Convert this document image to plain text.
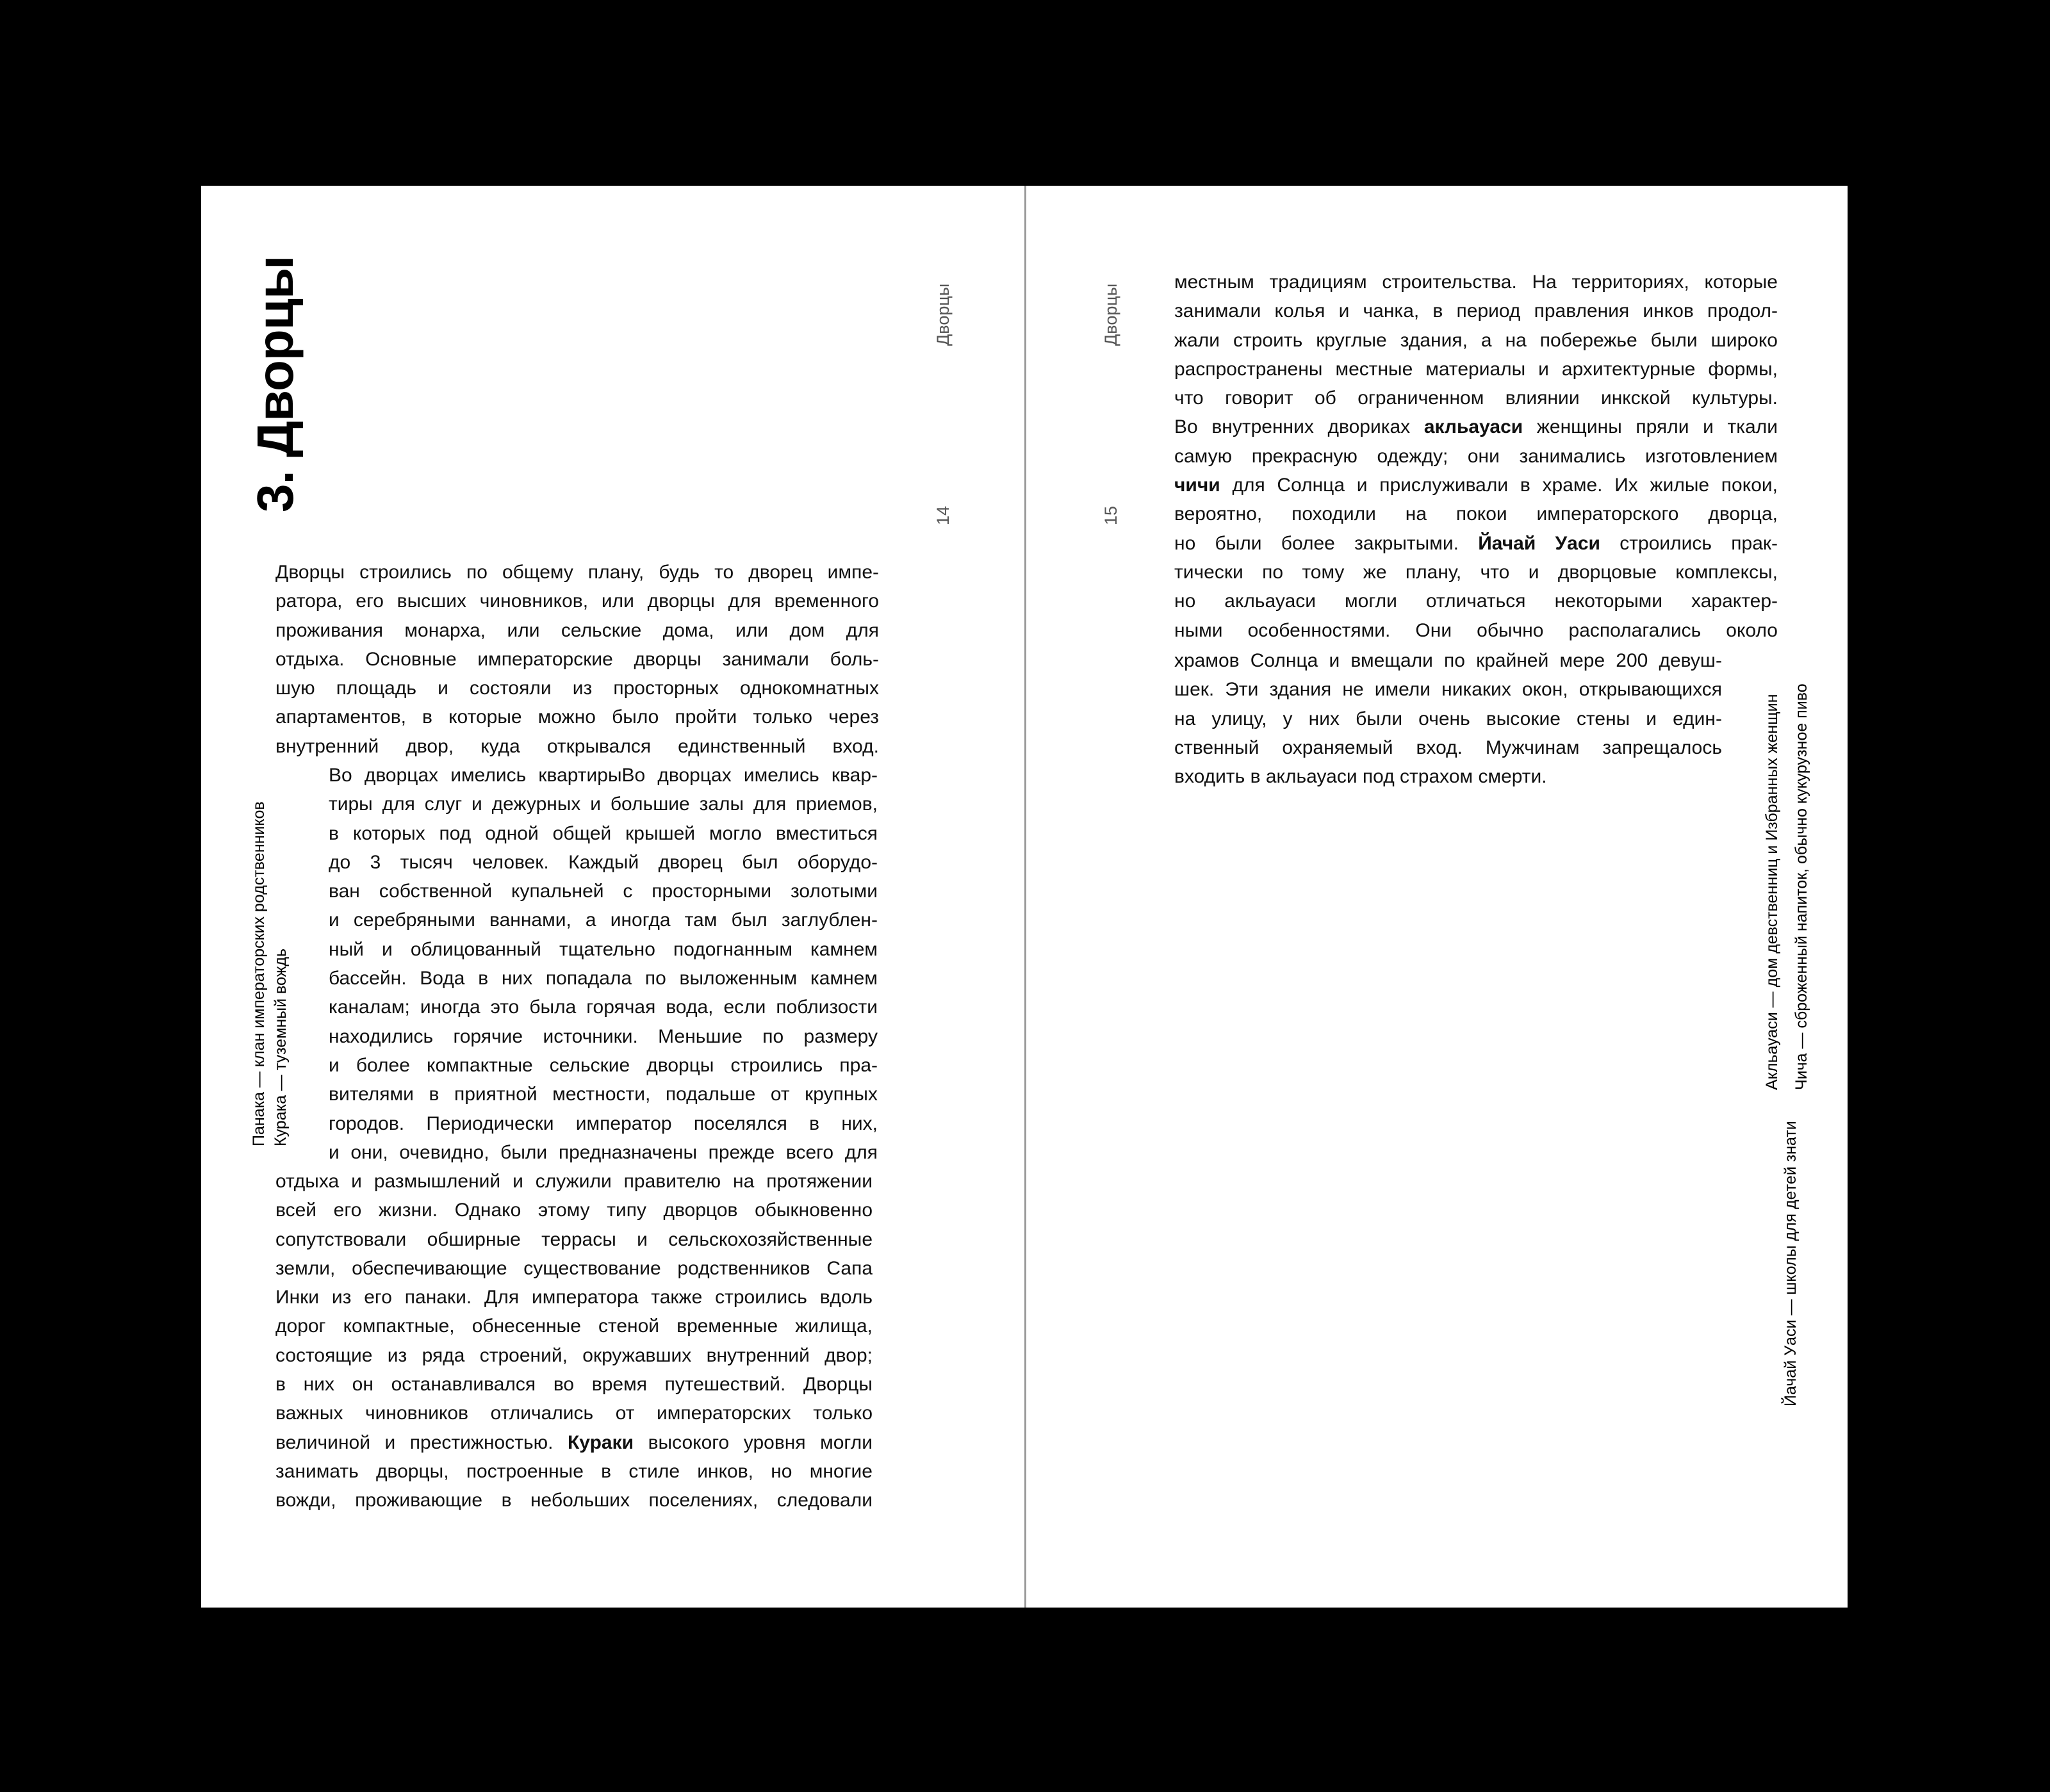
3. Дворцы	Дворцы
14
Панака — клан императорских родственников Курака — туземный вождь
Дворцы строились по общему плану, будь то дворец импе-
ратора, его высших чиновников, или дворцы для временного
проживания монарха, или сельские дома, или дом для
отдыха. Основные императорские дворцы занимали боль-
шую площадь и состояли из просторных однокомнатных
апартаментов, в которые можно было пройти только через
внутренний двор, куда открывался единственный вход.
Во дворцах имелись квартирыВо дворцах имелись квар-
тиры для слуг и дежурных и большие залы для приемов,
в которых под одной общей крышей могло вместиться
до 3 тысяч человек. Каждый дворец был оборудо-
ван собственной купальней с просторными золотыми
и серебряными ваннами, а иногда там был заглублен-
ный и облицованный тщательно подогнанным камнем
бассейн. Вода в них попадала по выложенным камнем
каналам; иногда это была горячая вода, если поблизости
находились горячие источники. Меньшие по размеру
и более компактные сельские дворцы строились пра-
вителями в приятной местности, подальше от крупных
городов. Периодически император поселялся в них,
и они, очевидно, были предназначены прежде всего для
отдыха и размышлений и служили правителю на протяжении
всей его жизни. Однако этому типу дворцов обыкновенно
сопутствовали обширные террасы и сельскохозяйственные
земли, обеспечивающие существование родственников Сапа
Инки из его панаки. Для императора также строились вдоль
дорог компактные, обнесенные стеной временные жилища,
состоящие из ряда строений, окружавших внутренний двор;
в них он останавливался во время путешествий. Дворцы
важных чиновников отличались от императорских только
величиной и престижностью. Кураки высокого уровня могли
занимать дворцы, построенные в стиле инков, но многие
вожди, проживающие в небольших поселениях, следовали
Дворцы
15
Акльауаси — дом девственниц и Избранных женщин Чича — сброженный напиток, обычно кукурузное пиво
Йачай Уаси — школы для детей знати
местным традициям строительства. На территориях, которые
занимали колья и чанка, в период правления инков продол-
жали строить круглые здания, а на побережье были широко
распространены местные материалы и архитектурные формы,
что говорит об ограниченном влиянии инкской культуры.
Во внутренних двориках акльауаси женщины пряли и ткали
самую прекрасную одежду; они занимались изготовлением
чичи для Солнца и прислуживали в храме. Их жилые покои,
вероятно, походили на покои императорского дворца,
но были более закрытыми. Йачай Уаси строились прак-
тически по тому же плану, что и дворцовые комплексы,
но акльауаси могли отличаться некоторыми характер-
ными особенностями. Они обычно располагались около
храмов Солнца и вмещали по крайней мере 200 девуш-
шек. Эти здания не имели никаких окон, открывающихся
на улицу, у них были очень высокие стены и един-
ственный охраняемый вход. Мужчинам запрещалось
входить в акльауаси под страхом смерти.
